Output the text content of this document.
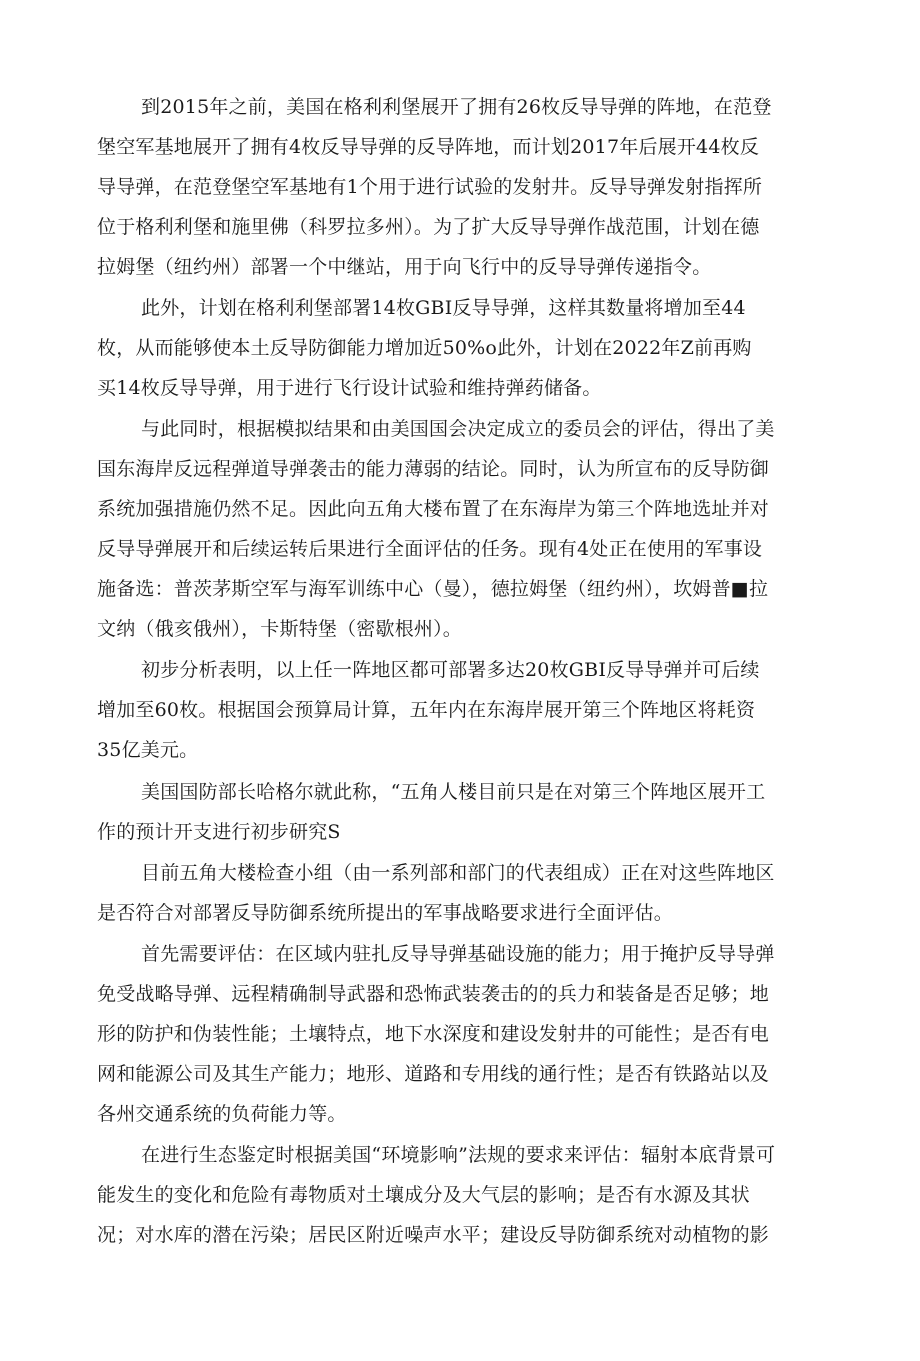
到2015年之前，美国在格利利堡展开了拥有26枚反导导弹的阵地，在范登
堡空军基地展开了拥有4枚反导导弹的反导阵地，而计划2017年后展开44枚反
导导弹，在范登堡空军基地有1个用于进行试验的发射井。反导导弹发射指挥所
位于格利利堡和施里佛（科罗拉多州）。为了扩大反导导弹作战范围，计划在德
拉姆堡（纽约州）部署一个中继站，用于向飞行中的反导导弹传递指令。
此外，计划在格利利堡部署14枚GBI反导导弹，这样其数量将增加至44
枚，从而能够使本土反导防御能力增加近50%o此外，计划在2022年Z前再购
买14枚反导导弹，用于进行飞行设计试验和维持弹药储备。
与此同时，根据模拟结果和由美国国会决定成立的委员会的评估，得出了美
国东海岸反远程弹道导弹袭击的能力薄弱的结论。同时，认为所宣布的反导防御
系统加强措施仍然不足。因此向五角大楼布置了在东海岸为第三个阵地选址并对
反导导弹展开和后续运转后果进行全面评估的任务。现有4处正在使用的军事设
施备选：普茨茅斯空军与海军训练中心（曼），德拉姆堡（纽约州），坎姆普■拉
文纳（俄亥俄州），卡斯特堡（密歇根州）。
初步分析表明，以上任一阵地区都可部署多达20枚GBI反导导弹并可后续
增加至60枚。根据国会预算局计算，五年内在东海岸展开第三个阵地区将耗资
35亿美元。
美国国防部长哈格尔就此称，“五角人楼目前只是在对第三个阵地区展开工
作的预计开支进行初步研究S
目前五角大楼检查小组（由一系列部和部门的代表组成）正在对这些阵地区
是否符合对部署反导防御系统所提出的军事战略要求进行全面评估。
首先需要评估：在区域内驻扎反导导弹基础设施的能力；用于掩护反导导弹
免受战略导弹、远程精确制导武器和恐怖武装袭击的的兵力和装备是否足够；地
形的防护和伪装性能；土壤特点，地下水深度和建设发射井的可能性；是否有电
网和能源公司及其生产能力；地形、道路和专用线的通行性；是否有铁路站以及
各州交通系统的负荷能力等。
在进行生态鉴定时根据美国“环境影响”法规的要求来评估：辐射本底背景可
能发生的变化和危险有毒物质对土壤成分及大气层的影响；是否有水源及其状
况；对水库的潜在污染；居民区附近噪声水平；建设反导防御系统对动植物的影
